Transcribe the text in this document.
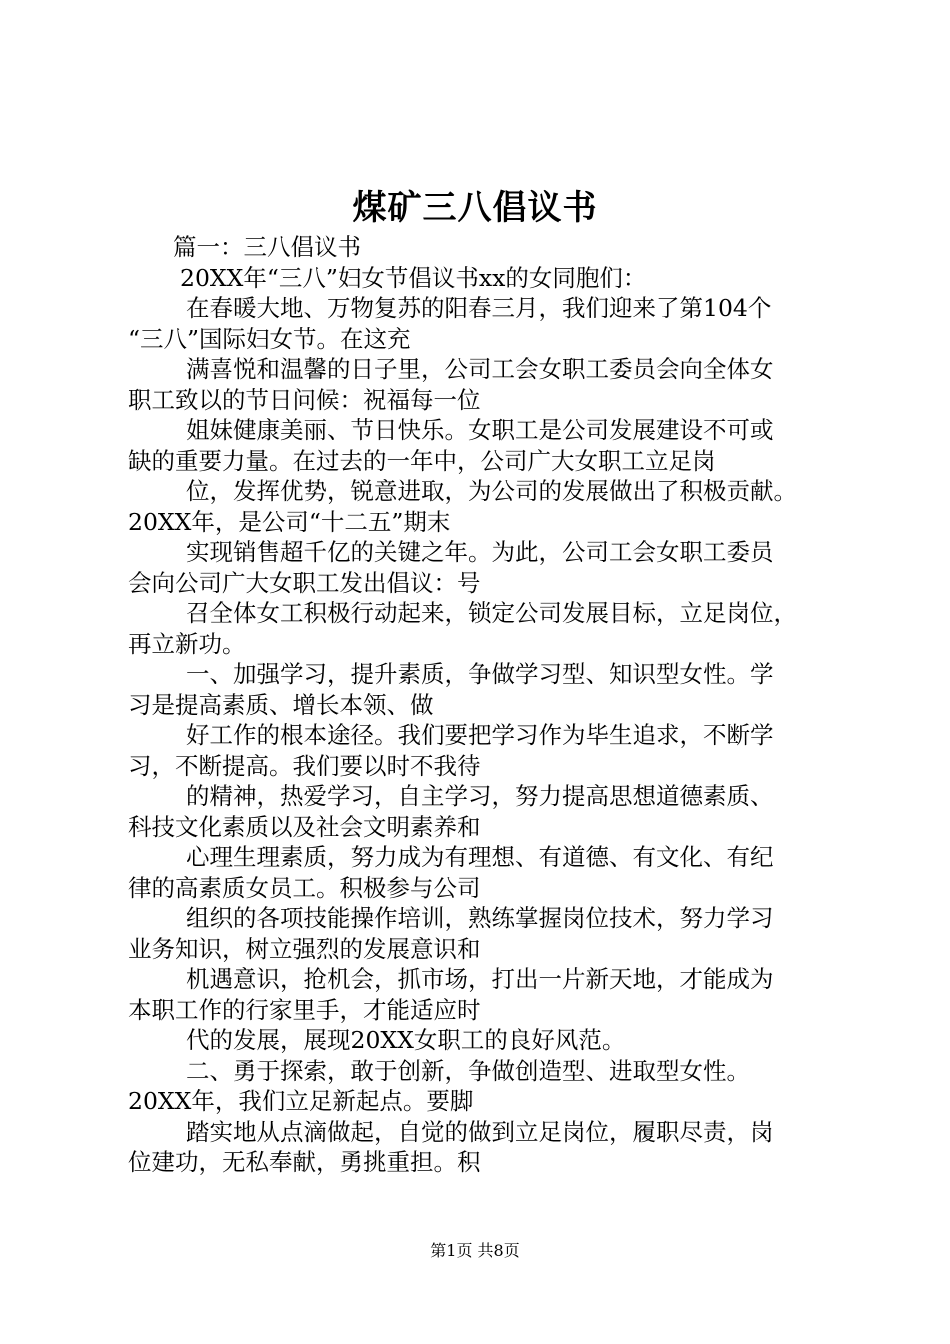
煤矿三八倡议书
篇一：三八倡议书
20XX年“三八”妇女节倡议书xx的女同胞们：
在春暖大地、万物复苏的阳春三月，我们迎来了第104个
“三八”国际妇女节。在这充
满喜悦和温馨的日子里，公司工会女职工委员会向全体女
职工致以的节日问候：祝福每一位
姐妹健康美丽、节日快乐。女职工是公司发展建设不可或
缺的重要力量。在过去的一年中，公司广大女职工立足岗
位，发挥优势，锐意进取，为公司的发展做出了积极贡献。
20XX年，是公司“十二五”期末
实现销售超千亿的关键之年。为此，公司工会女职工委员
会向公司广大女职工发出倡议：号
召全体女工积极行动起来，锁定公司发展目标，立足岗位，
再立新功。
一、加强学习，提升素质，争做学习型、知识型女性。学
习是提高素质、增长本领、做
好工作的根本途径。我们要把学习作为毕生追求，不断学
习，不断提高。我们要以时不我待
的精神，热爱学习，自主学习，努力提高思想道德素质、
科技文化素质以及社会文明素养和
心理生理素质，努力成为有理想、有道德、有文化、有纪
律的高素质女员工。积极参与公司
组织的各项技能操作培训，熟练掌握岗位技术，努力学习
业务知识，树立强烈的发展意识和
机遇意识，抢机会，抓市场，打出一片新天地，才能成为
本职工作的行家里手，才能适应时
代的发展，展现20XX女职工的良好风范。
二、勇于探索，敢于创新，争做创造型、进取型女性。
20XX年，我们立足新起点。要脚
踏实地从点滴做起，自觉的做到立足岗位，履职尽责，岗
位建功，无私奉献，勇挑重担。积
第1页 共8页
